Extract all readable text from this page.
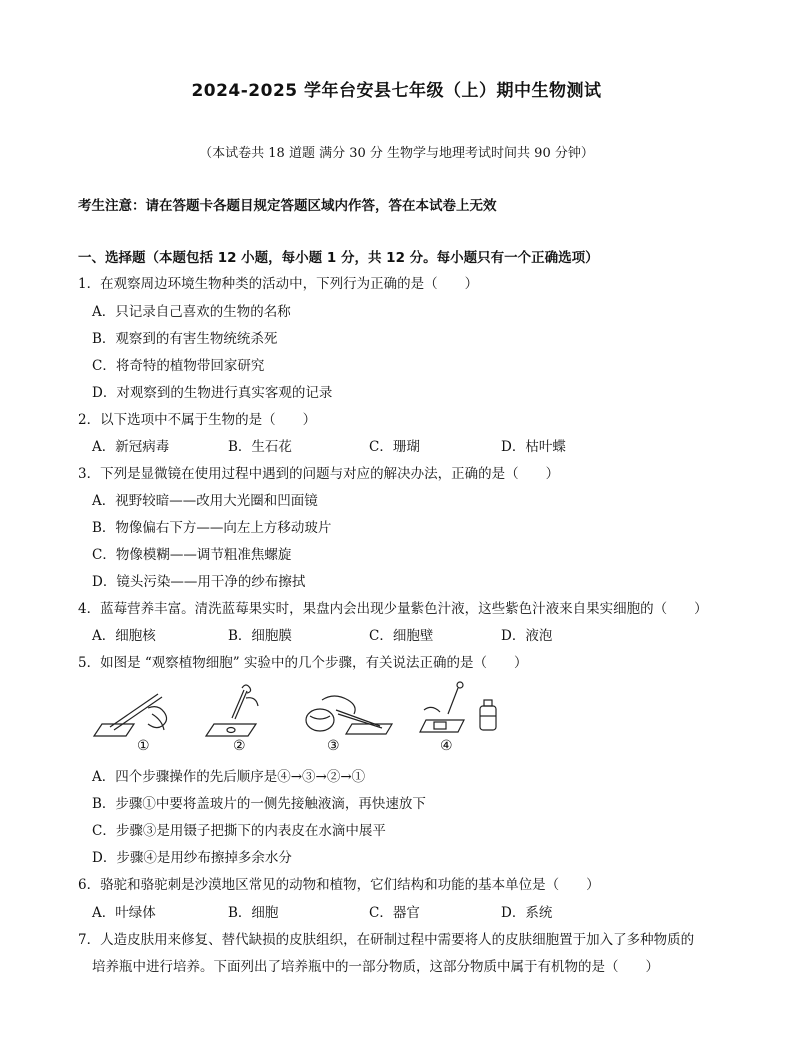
2024-2025 学年台安县七年级（上）期中生物测试
（本试卷共 18 道题 满分 30 分 生物学与地理考试时间共 90 分钟）
考生注意：请在答题卡各题目规定答题区域内作答，答在本试卷上无效
一、选择题（本题包括 12 小题，每小题 1 分，共 12 分。每小题只有一个正确选项）
1．在观察周边环境生物种类的活动中，下列行为正确的是（　　）
A．只记录自己喜欢的生物的名称
B．观察到的有害生物统统杀死
C．将奇特的植物带回家研究
D．对观察到的生物进行真实客观的记录
2．以下选项中不属于生物的是（　　）
A．新冠病毒	B．生石花	C．珊瑚	D．枯叶蝶
3．下列是显微镜在使用过程中遇到的问题与对应的解决办法，正确的是（　　）
A．视野较暗——改用大光圈和凹面镜
B．物像偏右下方——向左上方移动玻片
C．物像模糊——调节粗准焦螺旋
D．镜头污染——用干净的纱布擦拭
4．蓝莓营养丰富。清洗蓝莓果实时，果盘内会出现少量紫色汁液，这些紫色汁液来自果实细胞的（　　）
A．细胞核	B．细胞膜	C．细胞壁	D．液泡
5．如图是 “观察植物细胞” 实验中的几个步骤，有关说法正确的是（　　）
①	②	③	④
A．四个步骤操作的先后顺序是④→③→②→①
B．步骤①中要将盖玻片的一侧先接触液滴，再快速放下
C．步骤③是用镊子把撕下的内表皮在水滴中展平
D．步骤④是用纱布擦掉多余水分
6．骆驼和骆驼刺是沙漠地区常见的动物和植物，它们结构和功能的基本单位是（　　）
A．叶绿体	B．细胞	C．器官	D．系统
7．人造皮肤用来修复、替代缺损的皮肤组织，在研制过程中需要将人的皮肤细胞置于加入了多种物质的
培养瓶中进行培养。下面列出了培养瓶中的一部分物质，这部分物质中属于有机物的是（　　）
